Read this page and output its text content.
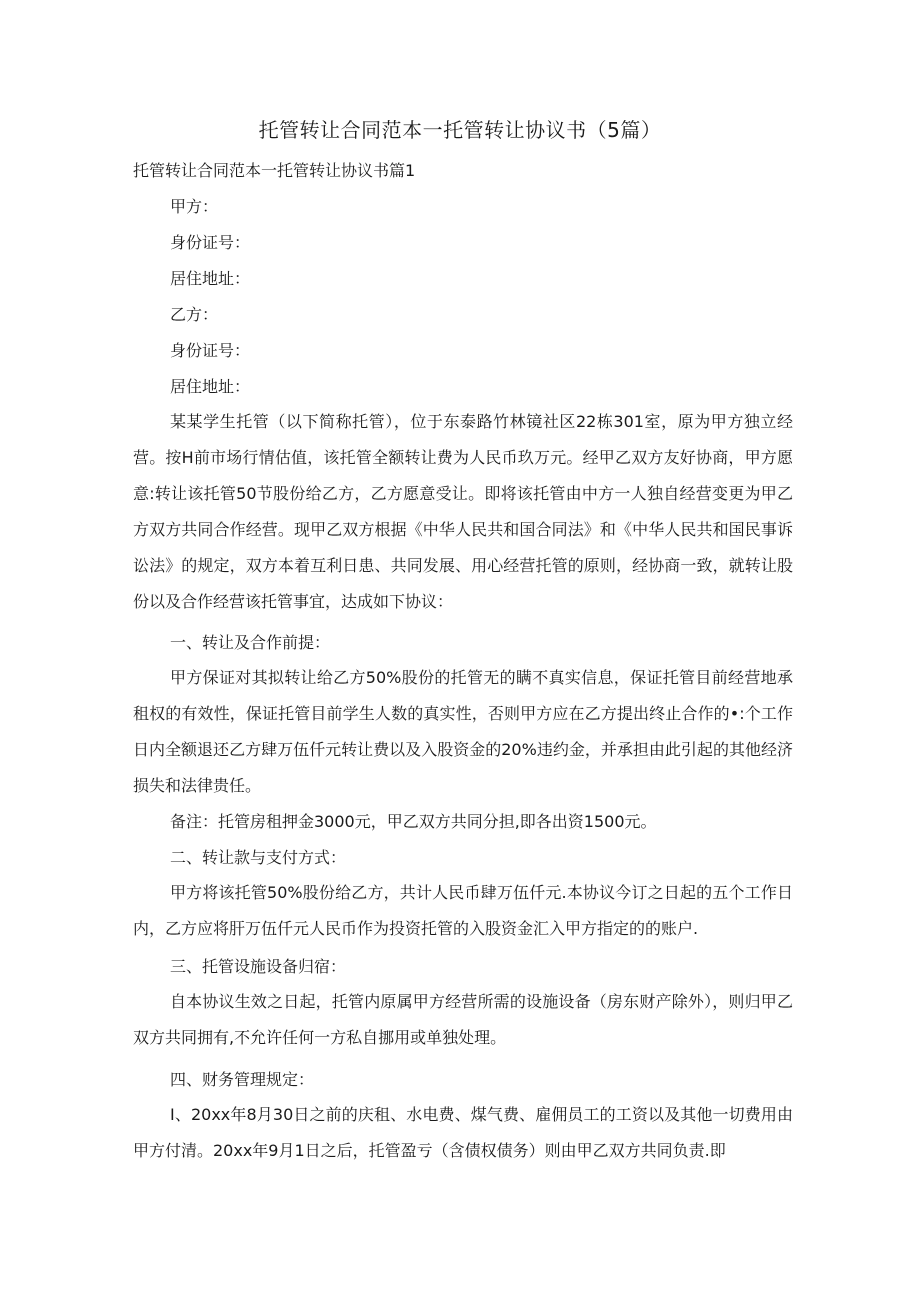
托管转让合同范本一托管转让协议书（5篇）

托管转让合同范本一托管转让协议书篇1

甲方：

身份证号：

居住地址：

乙方：

身份证号：

居住地址：

某某学生托管（以下简称托管），位于东泰路竹林镜社区22栋301室，原为甲方独立经营。按H前市场行情估值，该托管全额转让费为人民币玖万元。经甲乙双方友好协商，甲方愿意:转让该托管50节股份给乙方，乙方愿意受让。即将该托管由中方一人独自经营变更为甲乙方双方共同合作经营。现甲乙双方根据《中华人民共和国合同法》和《中华人民共和国民事诉讼法》的规定，双方本着互利日患、共同发展、用心经营托管的原则，经协商一致，就转让股份以及合作经营该托管事宜，达成如下协议：

一、转让及合作前提：

甲方保证对其拟转让给乙方50%股份的托管无的瞒不真实信息，保证托管目前经营地承租权的有效性，保证托管目前学生人数的真实性，否则甲方应在乙方提出终止合作的•:个工作日内全额退还乙方肆万伍仟元转让费以及入股资金的20%违约金，并承担由此引起的其他经济损失和法律贵任。

备注：托管房租押金3000元，甲乙双方共同分担,即各出资1500元。

二、转让款与支付方式：

甲方将该托管50%股份给乙方，共计人民币肆万伍仟元.本协议今订之日起的五个工作日内，乙方应将肝万伍仟元人民币作为投资托管的入股资金汇入甲方指定的的账户.

三、托管设施设备归宿：

自本协议生效之日起，托管内原属甲方经营所需的设施设备（房东财产除外），则归甲乙双方共同拥有,不允许任何一方私自挪用或单独处理。

四、财务管理规定：

I、20xx年8月30日之前的庆租、水电费、煤气费、雇佣员工的工资以及其他一切费用由甲方付清。20xx年9月1日之后，托管盈亏（含债权债务）则由甲乙双方共同负责.即
